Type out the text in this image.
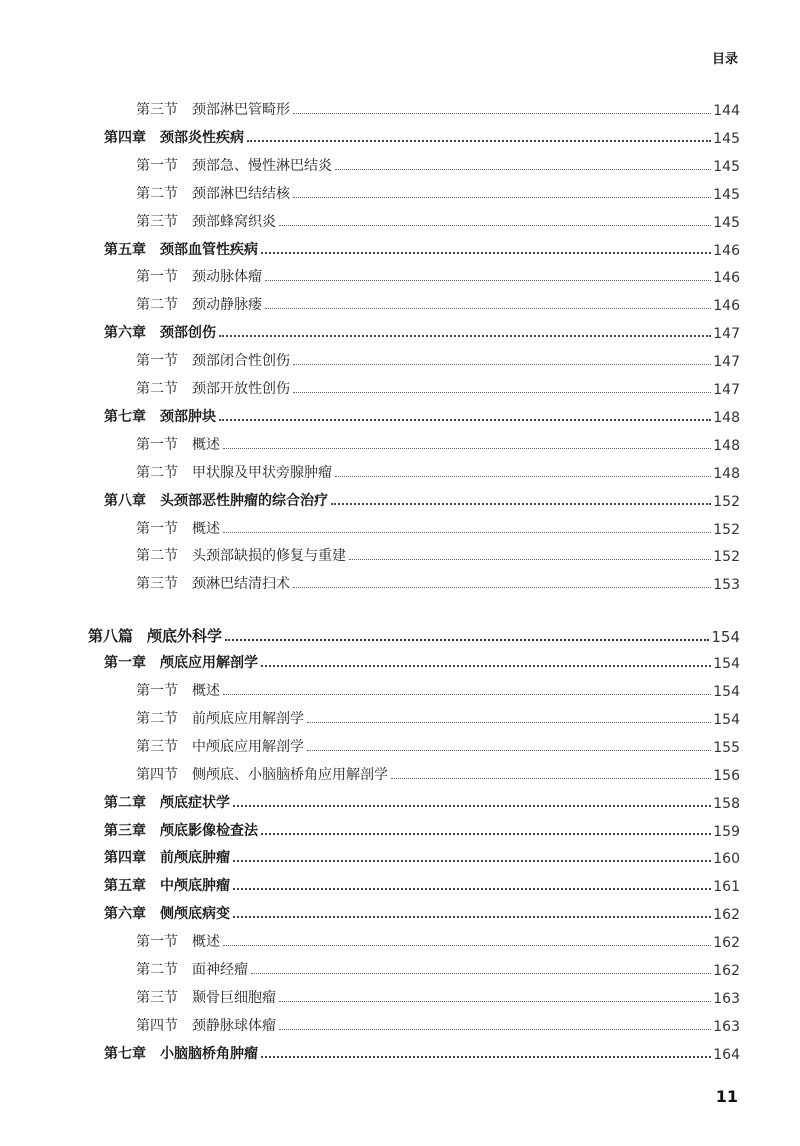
目录
第三节 颈部淋巴管畸形	144
第四章 颈部炎性疾病	145
第一节 颈部急、慢性淋巴结炎	145
第二节 颈部淋巴结结核	145
第三节 颈部蜂窝织炎	145
第五章 颈部血管性疾病	146
第一节 颈动脉体瘤	146
第二节 颈动静脉瘘	146
第六章 颈部创伤	147
第一节 颈部闭合性创伤	147
第二节 颈部开放性创伤	147
第七章 颈部肿块	148
第一节 概述	148
第二节 甲状腺及甲状旁腺肿瘤	148
第八章 头颈部恶性肿瘤的综合治疗	152
第一节 概述	152
第二节 头颈部缺损的修复与重建	152
第三节 颈淋巴结清扫术	153
第八篇 颅底外科学	154
第一章 颅底应用解剖学	154
第一节 概述	154
第二节 前颅底应用解剖学	154
第三节 中颅底应用解剖学	155
第四节 侧颅底、小脑脑桥角应用解剖学	156
第二章 颅底症状学	158
第三章 颅底影像检查法	159
第四章 前颅底肿瘤	160
第五章 中颅底肿瘤	161
第六章 侧颅底病变	162
第一节 概述	162
第二节 面神经瘤	162
第三节 颞骨巨细胞瘤	163
第四节 颈静脉球体瘤	163
第七章 小脑脑桥角肿瘤	164
11
